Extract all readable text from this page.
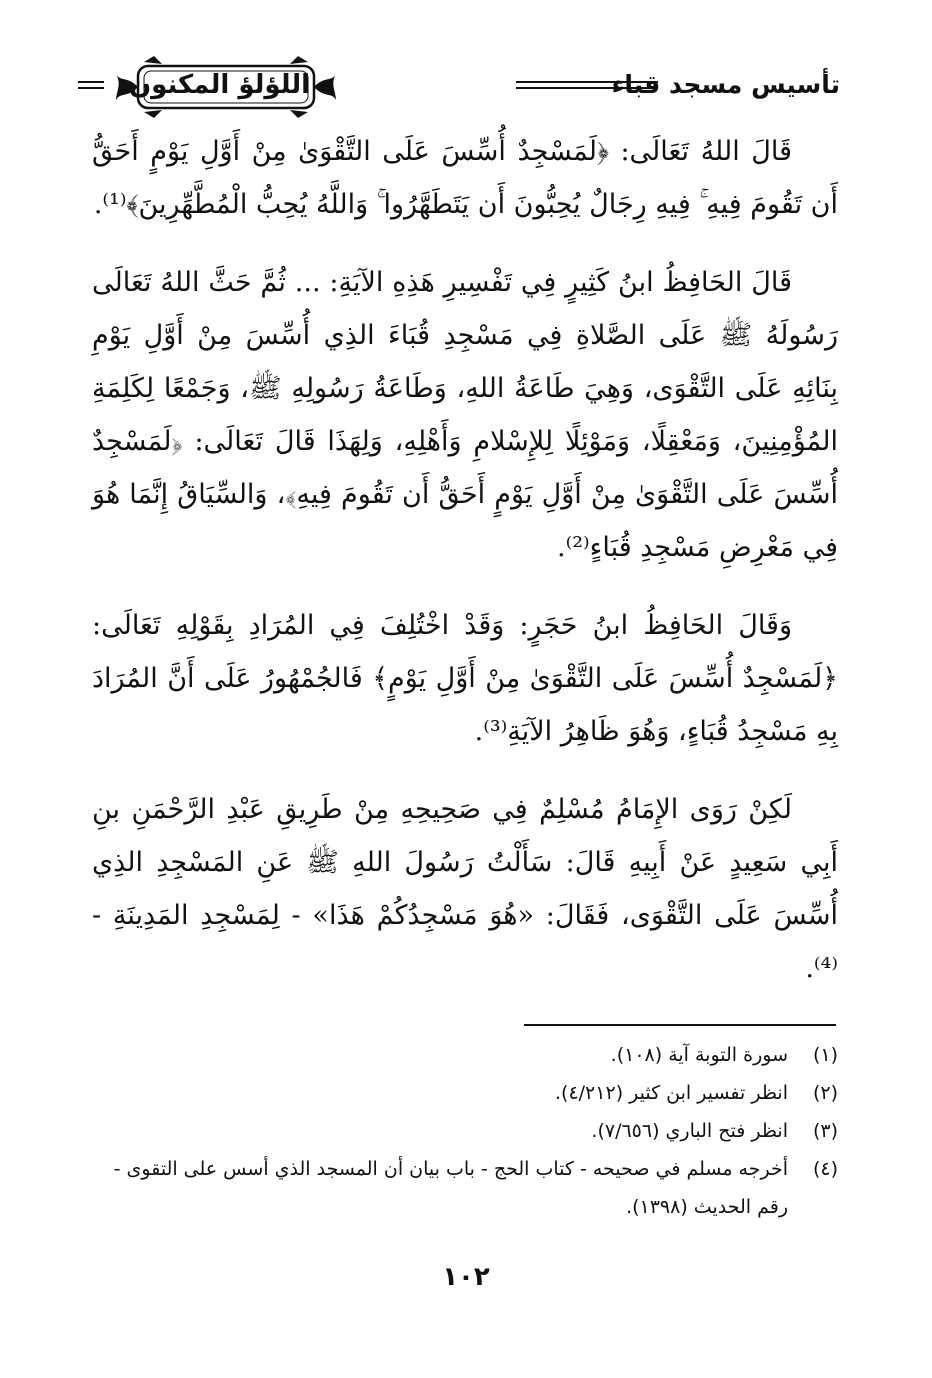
تأسيس مسجد قباء
اللؤلؤ المكنون

قَالَ اللهُ تَعَالَى: ﴿لَمَسْجِدٌ أُسِّسَ عَلَى التَّقْوَىٰ مِنْ أَوَّلِ يَوْمٍ أَحَقُّ أَن تَقُومَ فِيهِ ۚ فِيهِ رِجَالٌ يُحِبُّونَ أَن يَتَطَهَّرُوا ۚ وَاللَّهُ يُحِبُّ الْمُطَّهِّرِينَ﴾⁽¹⁾.

قَالَ الحَافِظُ ابنُ كَثِيرٍ فِي تَفْسِيرِ هَذِهِ الآيَةِ: ... ثُمَّ حَثَّ اللهُ تَعَالَى رَسُولَهُ ﷺ عَلَى الصَّلاةِ فِي مَسْجِدِ قُبَاءَ الذِي أُسِّسَ مِنْ أَوَّلِ يَوْمِ بِنَائِهِ عَلَى التَّقْوَى، وَهِيَ طَاعَةُ اللهِ، وَطَاعَةُ رَسُولِهِ ﷺ، وَجَمْعًا لِكَلِمَةِ المُؤْمِنِينَ، وَمَعْقِلًا، وَمَوْئِلًا لِلإِسْلامِ وَأَهْلِهِ، وَلِهَذَا قَالَ تَعَالَى: ﴿لَمَسْجِدٌ أُسِّسَ عَلَى التَّقْوَىٰ مِنْ أَوَّلِ يَوْمٍ أَحَقُّ أَن تَقُومَ فِيهِ﴾، وَالسِّيَاقُ إِنَّمَا هُوَ فِي مَعْرِضِ مَسْجِدِ قُبَاءٍ⁽²⁾.

وَقَالَ الحَافِظُ ابنُ حَجَرٍ: وَقَدْ اخْتُلِفَ فِي المُرَادِ بِقَوْلِهِ تَعَالَى: ﴿لَمَسْجِدٌ أُسِّسَ عَلَى التَّقْوَىٰ مِنْ أَوَّلِ يَوْمٍ﴾ فَالجُمْهُورُ عَلَى أَنَّ المُرَادَ بِهِ مَسْجِدُ قُبَاءٍ، وَهُوَ ظَاهِرُ الآيَةِ⁽³⁾.

لَكِنْ رَوَى الإِمَامُ مُسْلِمٌ فِي صَحِيحِهِ مِنْ طَرِيقِ عَبْدِ الرَّحْمَنِ بنِ أَبِي سَعِيدٍ عَنْ أَبِيهِ قَالَ: سَأَلْتُ رَسُولَ اللهِ ﷺ عَنِ المَسْجِدِ الذِي أُسِّسَ عَلَى التَّقْوَى، فَقَالَ: «هُوَ مَسْجِدُكُمْ هَذَا» - لِمَسْجِدِ المَدِينَةِ -⁽⁴⁾.

(١)
سورة التوبة آية (١٠٨).
(٢)
انظر تفسير ابن كثير (٤/٢١٢).
(٣)
انظر فتح الباري (٧/٦٥٦).
(٤)
أخرجه مسلم في صحيحه - كتاب الحج - باب بيان أن المسجد الذي أسس على التقوى - رقم الحديث (١٣٩٨).
١٠٢
